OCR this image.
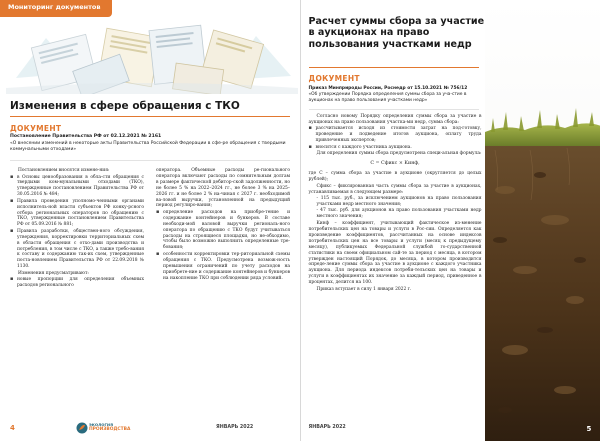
Мониторинг документов
Изменения в сфере обращения с ТКО
ДОКУМЕНТ
Постановление Правительства РФ от 02.12.2021 № 2161
«О внесении изменений в некоторые акты Правительства Российской Федерации в сфе-ре обращения с твердыми коммунальными отходами»

Постановлением вносятся измене-ния:

▪ в Основы ценообразования в обла-сти обращения с твердыми ком-мунальными отходами (ТКО), утвержденные постановлением Правительства РФ от 30.05.2016 № 484;

▪ Правила проведения уполномо-ченными органами исполнитель-ной власти субъектов РФ конку-рсного отбора региональных операторов по обращению с ТКО, утвержденные постановлением Правительства РФ от 05.09.2016 № 881;

▪ Правила разработки, обществен-ного обсуждения, утверждения, корректировки территориальных схем в области обращения с отхо-дами производства и потребления, в том числе с ТКО, а также требо-вания к составу и содержанию так-их схем, утвержденные поста-новлением Правительства РФ от 22.09.2018 № 1130.

Изменения предусматривают:

▪ новые пропорции для определения объемных расходов регионального

оператора. Объемные расходы ре-гионального оператора включают расходы по сомнительным долгам в размере фактической дебитор-ской задолженности, но не более 5 % на 2022–2024 гг., не более 3 % на 2025–2026 гг. и не более 2 % на-чиная с 2027 г. необходимой ва-ловой выручки, установленной на предыдущий период регулиро-вания;

▪ определение расходов на приобре-тение и содержание контейнеров и бункеров. В составе необходи-мой валовой выручки региональ-ного оператора по обращению с ТКО будут учитываться расходы на строящиеся площадки, но не-обходимо, чтобы было возможно выполнить определенные тре-бования;

▪ особенности корректировки тер-риториальной схемы обращения с ТКО. Предусмотрена возмож-ность превышения ограничений по учету расходов на приобрете-ние и содержание контейнеров и бункеров на накопление ТКО при соблюдении ряда условий.

4	ЭКОЛОГИЯ
ПРОИЗВОДСТВА	ЯНВАРЬ 2022
Расчет суммы сбора за участие в аукционах на право пользования участками недр
ДОКУМЕНТ
Приказ Минприроды России, Роснедр от 15.10.2021 № 756/12
«Об утверждении Порядка определения суммы сбора за уча-стие в аукционах на право пользования участками недр»

Согласно новому Порядку определения суммы сбора за участие в аукционах на право пользования участка-ми недр, сумма сбора:

▪ рассчитывается исходя из стоимости затрат на под-готовку, проведение и подведение итогов аукциона, оплату труда привлеченных экспертов;

▪ вносится с каждого участника аукциона.

Для определения суммы сбора предусмотрена специ-альная формула:

С = Сфикс × Kинф,

где С – сумма сбора за участие в аукционе (округляется до целых рублей);

Сфикс – фиксированная часть суммы сбора за участие в аукционах, устанавливаемая в следующем размере:

- 115 тыс. руб., за исключением аукционов на право пользования участками недр местного значения;

- 47 тыс. руб. для аукционов на право пользования участками недр местного значения;

Kинф – коэффициент, учитывающий фактическое из-менение потребительских цен на товары и услуги в Рос-сии. Определяется как произведение коэффициентов, рассчитанных на основе индексов потребительских цен на все товары и услуги (месяц к предыдущему месяцу), публикуемых Федеральной службой го-сударственной статистики на своем официальном сай-те за период с месяца, в котором утвержден настоящий Порядок, до месяца, в котором производится опреде-ление суммы сбора за участие в аукционе с каждого участника аукциона. Для периода индексов потреби-тельских цен на товары и услуги в коэффициентах их значение за каждый период, приведенное в процентах, делится на 100.

Приказ вступает в силу 1 января 2022 г.

ЯНВАРЬ 2022	5
